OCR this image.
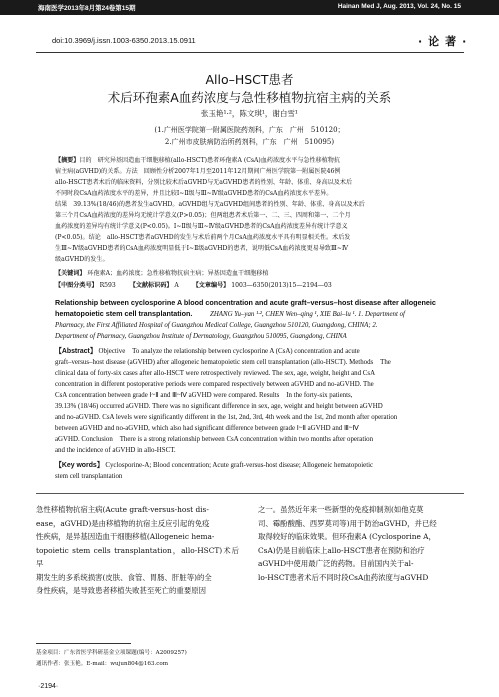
海南医学2013年8月第24卷第15期	Hainan Med J, Aug. 2013, Vol. 24, No. 15
doi:10.3969/j.issn.1003-6350.2013.15.0911	·论著·
Allo–HSCT患者
术后环孢素A血药浓度与急性移植物抗宿主病的关系
张玉艳¹·²，陈文琪¹，谢白雪¹
(1.广州医学院第一附属医院药剂科，广东　广州　510120；
2.广州市皮肤病防治所药剂科，广东　广州　510095)
【摘要】目的　研究异基因造血干细胞移植(allo-HSCT)患者环孢素A (CsA)血药浓度水平与急性移植物抗
宿主病(aGVHD)的关系。方法　回顾性分析2007年1月至2011年12月期间广州医学院第一附属医院46例
allo-HSCT患者术后的临床资料，分别比较术后aGVHD与无aGVHD患者的性别、年龄、体重、身高以及术后
不同时段CsA血药浓度水平的差异，并且比较Ⅰ~Ⅱ级与Ⅲ~Ⅳ级aGVHD患者的CsA血药浓度水平差异。
结果　39.13%(18/46)的患者发生aGVHD。aGVHD组与无aGVHD组间患者的性别、年龄、体重、身高以及术后
第三个月CsA血药浓度的差异均无统计学意义(P>0.05)；但两组患者术后第一、二、三、四周和第一、二个月
血药浓度的差异均有统计学意义(P<0.05)。Ⅰ~Ⅱ级与Ⅲ~Ⅳ级aGVHD患者的CsA血药浓度差异有统计学意义
(P<0.05)。结论　allo-HSCT患者aGVHD的发生与术后前两个月CsA血药浓度水平具有明显相关性。术后发
生Ⅲ~Ⅳ级aGVHD患者的CsA血药浓度明显低于Ⅰ~Ⅱ级aGVHD的患者，说明低CsA血药浓度更易导致Ⅲ~Ⅳ
级aGVHD的发生。
【关键词】 环孢素A；血药浓度；急性移植物抗宿主病；异基因造血干细胞移植
【中图分类号】 R593 【文献标识码】 A 【文章编号】 1003—6350(2013)15—2194—03
Relationship between cyclosporine A blood concentration and acute graft–versus–host disease after allogeneic
hematopoietic stem cell transplantation.	ZHANG Yu–yan ¹·², CHEN Wen–qing ¹, XIE Bai–lu ¹. 1. Department of
Pharmacy, the First Affiliated Hospital of Guangzhou Medical College, Guangzhou 510120, Guangdong, CHINA; 2.
Department of Pharmacy, Guangzhou Institute of Dermatology, Guangzhou 510095, Guangdong, CHINA
【Abstract】 Objective　To analyze the relationship between cyclosporine A (CsA) concentration and acute
graft–versus–host disease (aGVHD) after allogeneic hematopoietic stem cell transplantation (allo-HSCT). Methods　The
clinical data of forty-six cases after allo-HSCT were retrospectively reviewed. The sex, age, weight, height and CsA
concentration in different postoperative periods were compared respectively between aGVHD and no-aGVHD. The
CsA concentration between grade Ⅰ~Ⅱ and Ⅲ~Ⅳ aGVHD were compared. Results　In the forty-six patients,
39.13% (18/46) occurred aGVHD. There was no significant difference in sex, age, weight and height between aGVHD
and no-aGVHD. CsA levels were significantly different in the 1st, 2nd, 3rd, 4th week and the 1st, 2nd month after operation
between aGVHD and no-aGVHD, which also had significant difference between grade Ⅰ~Ⅱ aGVHD and Ⅲ~Ⅳ
aGVHD. Conclusion　There is a strong relationship between CsA concentration within two months after operation
and the incidence of aGVHD in allo-HSCT.
【Key words】 Cyclosporine-A; Blood concentration; Acute graft-versus-host disease; Allogeneic hematopoietic
stem cell transplantation
急性移植物抗宿主病(Acute graft-versus-host dis-
ease，aGVHD)是由移植物的抗宿主反应引起的免疫
性疾病，是异基因造血干细胞移植(Allogeneic hema-
topoietic stem cells transplantation，allo-HSCT)术后早
期发生的多系统损害(皮肤、食管、胃肠、肝脏等)的全
身性疾病，是导致患者移植失败甚至死亡的重要原因
之一。虽然近年来一些新型的免疫抑制剂(如他克莫
司、霉酚酸酯、西罗莫司等)用于防治aGVHD，并已经
取得较好的临床效果。但环孢素A (Cyclosporine A，
CsA)仍是目前临床上allo-HSCT患者在预防和治疗
aGVHD中使用最广泛的药物。目前国内关于al-
lo-HSCT患者术后不同时段CsA血药浓度与aGVHD
基金项目：广东省医学科研基金立项课题(编号：A2009257)
通讯作者：张玉艳。E-mail：wujun804@163.com
·2194·
